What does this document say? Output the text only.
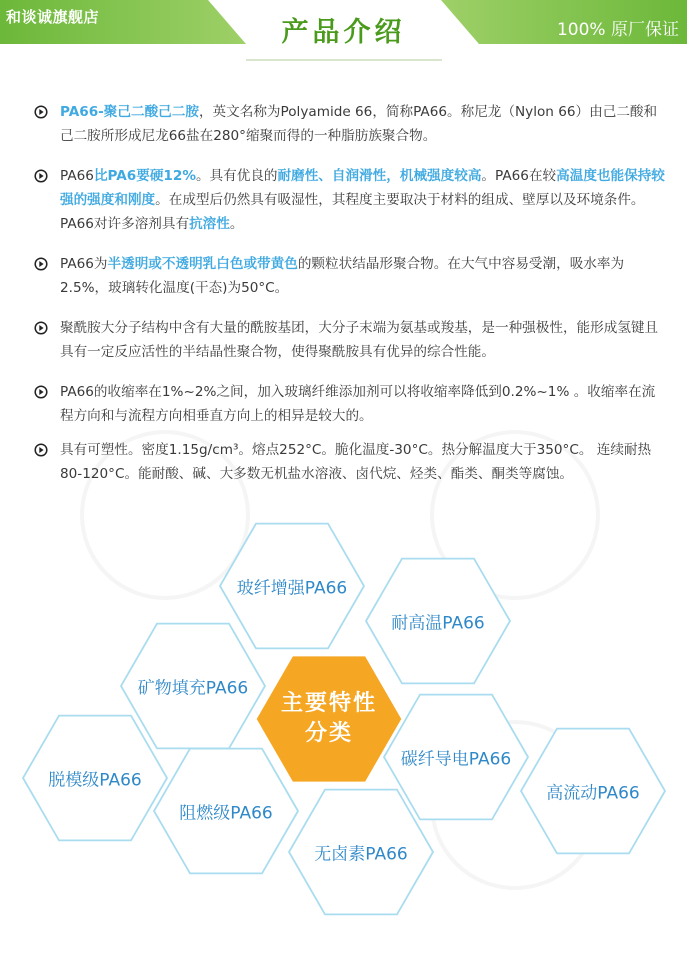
和谈诚旗舰店	产品介绍	100% 原厂保证
PA66-聚己二酸己二胺，英文名称为Polyamide 66，简称PA66。称尼龙（Nylon 66）由己二酸和己二胺所形成尼龙66盐在280°缩聚而得的一种脂肪族聚合物。
PA66比PA6要硬12%。具有优良的耐磨性、自润滑性，机械强度较高。PA66在较高温度也能保持较强的强度和刚度。在成型后仍然具有吸湿性，其程度主要取决于材料的组成、壁厚以及环境条件。PA66对许多溶剂具有抗溶性。
PA66为半透明或不透明乳白色或带黄色的颗粒状结晶形聚合物。在大气中容易受潮，吸水率为2.5%，玻璃转化温度(干态)为50°C。
聚酰胺大分子结构中含有大量的酰胺基团，大分子末端为氨基或羧基，是一种强极性，能形成氢键且具有一定反应活性的半结晶性聚合物，使得聚酰胺具有优异的综合性能。
PA66的收缩率在1%~2%之间，加入玻璃纤维添加剂可以将收缩率降低到0.2%~1% 。收缩率在流程方向和与流程方向相垂直方向上的相异是较大的。
具有可塑性。密度1.15g/cm³。熔点252°C。脆化温度-30°C。热分解温度大于350°C。 连续耐热80-120°C。能耐酸、碱、大多数无机盐水溶液、卤代烷、烃类、酯类、酮类等腐蚀。
玻纤增强PA66
耐高温PA66
矿物填充PA66
碳纤导电PA66
高流动PA66
脱模级PA66
阻燃级PA66
无卤素PA66
主要特性分类
